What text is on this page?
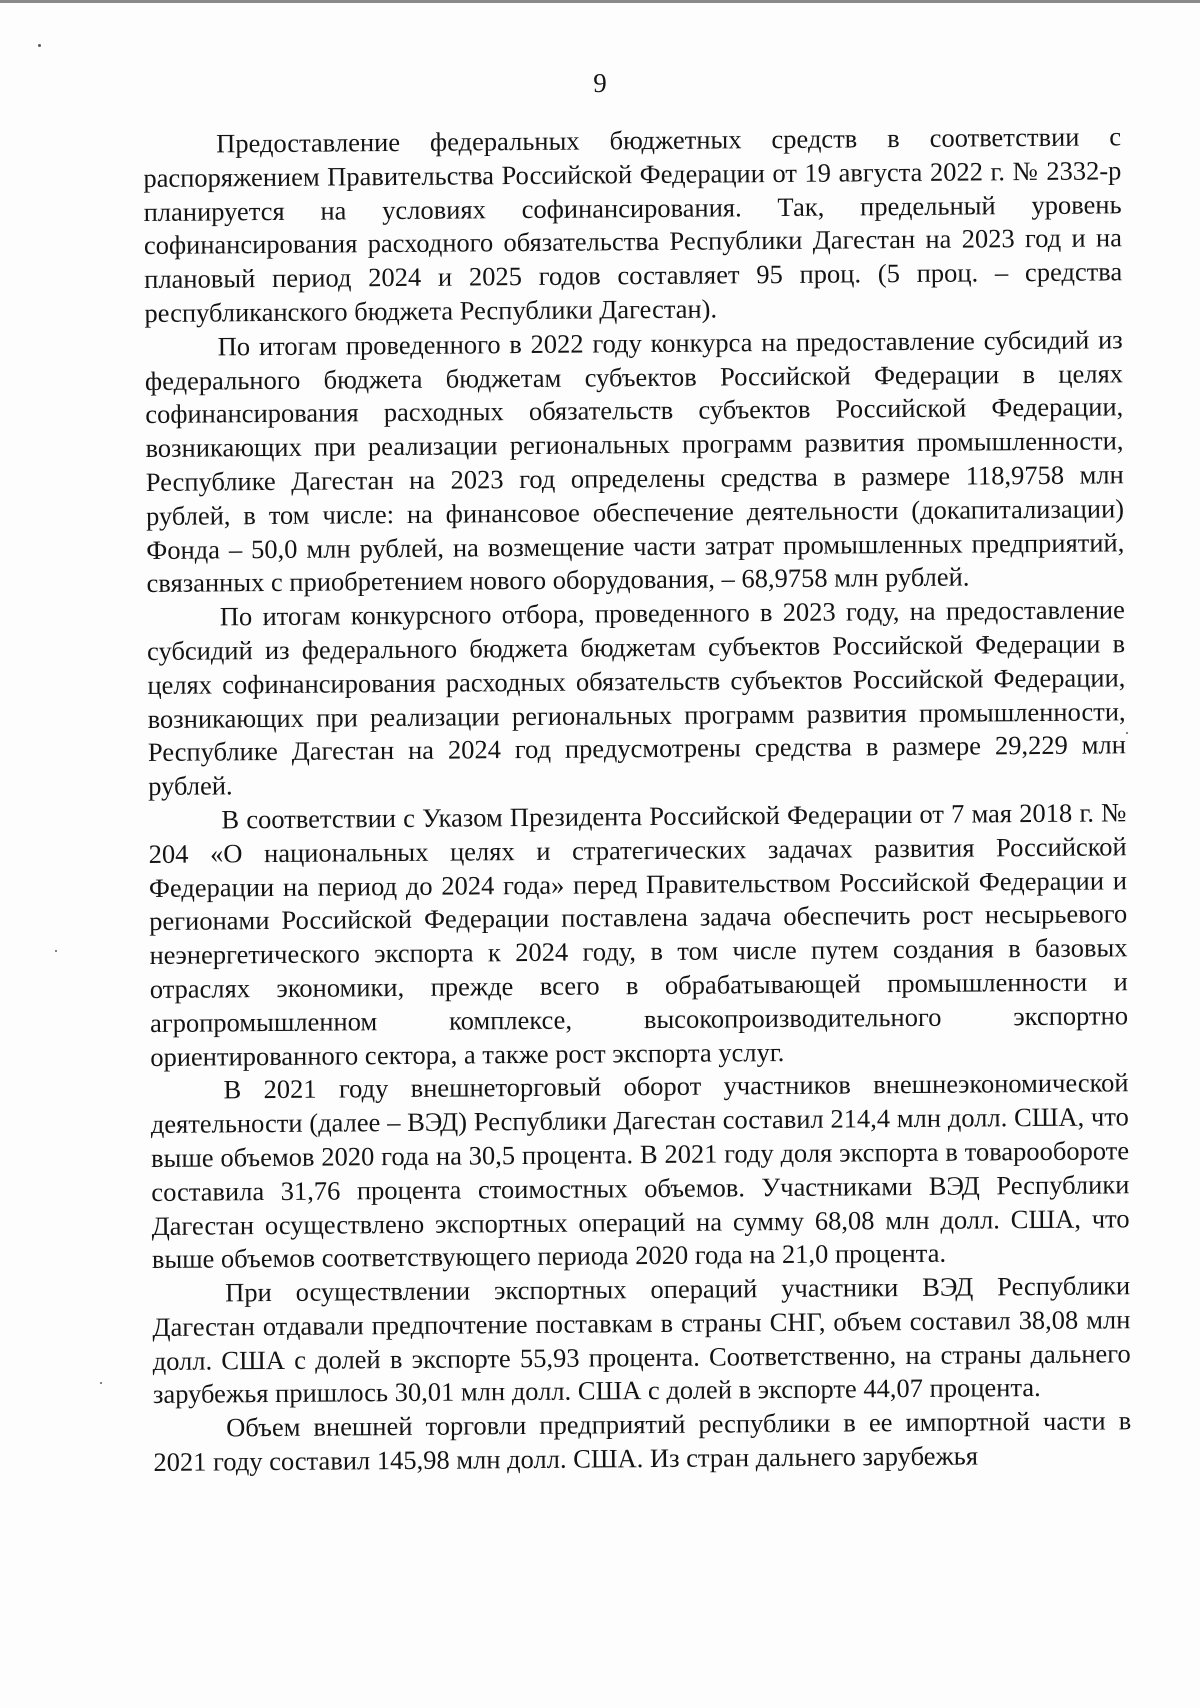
9

Предоставление федеральных бюджетных средств в соответствии с распоряжением Правительства Российской Федерации от 19 августа 2022 г. № 2332-р планируется на условиях софинансирования. Так, предельный уровень софинансирования расходного обязательства Республики Дагестан на 2023 год и на плановый период 2024 и 2025 годов составляет 95 проц. (5 проц. – средства республиканского бюджета Республики Дагестан).

По итогам проведенного в 2022 году конкурса на предоставление субсидий из федерального бюджета бюджетам субъектов Российской Федерации в целях софинансирования расходных обязательств субъектов Российской Федерации, возникающих при реализации региональных программ развития промышленности, Республике Дагестан на 2023 год определены средства в размере 118,9758 млн рублей, в том числе: на финансовое обеспечение деятельности (докапитализации) Фонда – 50,0 млн рублей, на возмещение части затрат промышленных предприятий, связанных с приобретением нового оборудования, – 68,9758 млн рублей.

По итогам конкурсного отбора, проведенного в 2023 году, на предоставление субсидий из федерального бюджета бюджетам субъектов Российской Федерации в целях софинансирования расходных обязательств субъектов Российской Федерации, возникающих при реализации региональных программ развития промышленности, Республике Дагестан на 2024 год предусмотрены средства в размере 29,229 млн рублей.

В соответствии с Указом Президента Российской Федерации от 7 мая 2018 г. № 204 «О национальных целях и стратегических задачах развития Российской Федерации на период до 2024 года» перед Правительством Российской Федерации и регионами Российской Федерации поставлена задача обеспечить рост несырьевого неэнергетического экспорта к 2024 году, в том числе путем создания в базовых отраслях экономики, прежде всего в обрабатывающей промышленности и агропромышленном комплексе, высокопроизводительного экспортно ориентированного сектора, а также рост экспорта услуг.

В 2021 году внешнеторговый оборот участников внешнеэкономической деятельности (далее – ВЭД) Республики Дагестан составил 214,4 млн долл. США, что выше объемов 2020 года на 30,5 процента. В 2021 году доля экспорта в товарообороте составила 31,76 процента стоимостных объемов. Участниками ВЭД Республики Дагестан осуществлено экспортных операций на сумму 68,08 млн долл. США, что выше объемов соответствующего периода 2020 года на 21,0 процента.

При осуществлении экспортных операций участники ВЭД Республики Дагестан отдавали предпочтение поставкам в страны СНГ, объем составил 38,08 млн долл. США с долей в экспорте 55,93 процента. Соответственно, на страны дальнего зарубежья пришлось 30,01 млн долл. США с долей в экспорте 44,07 процента.

Объем внешней торговли предприятий республики в ее импортной части в 2021 году составил 145,98 млн долл. США. Из стран дальнего зарубежья
